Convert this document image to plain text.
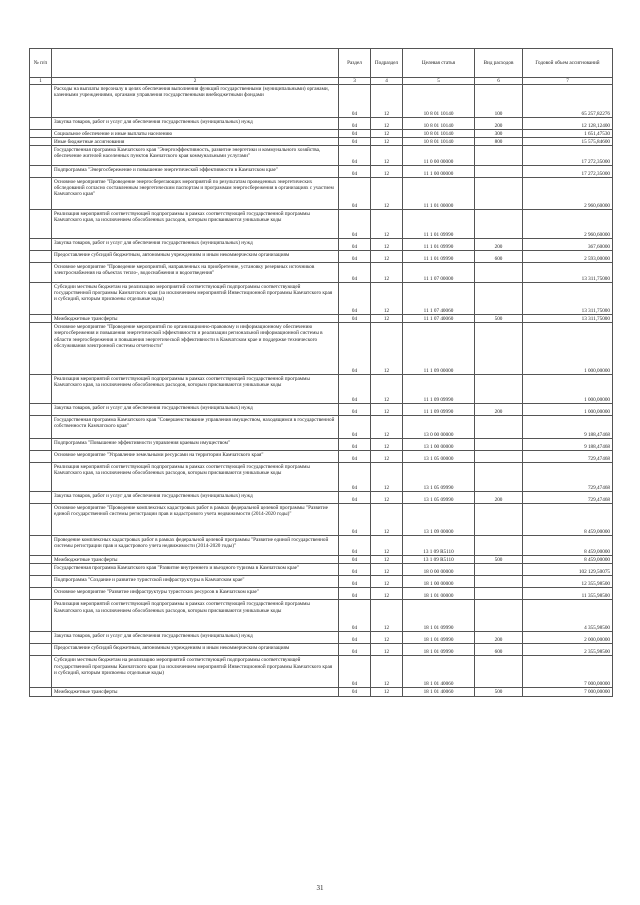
№ п/п		Раздел	Подраздел	Целевая статья	Вид расходов	Годовой объем ассигнований
1	2	3	4	5	6	7
	Расходы на выплаты персоналу в целях обеспечения выполнения функций государственными (муниципальными) органами, казенными учреждениями, органами управления государственными внебюджетными фондами	04	12	10 8 01 10140	100	65 257,82276
	Закупка товаров, работ и услуг для обеспечения государственных (муниципальных) нужд	04	12	10 8 01 10140	200	12 128,12400
	Социальное обеспечение и иные выплаты населению	04	12	10 8 01 10140	300	1 651,47530
	Иные бюджетные ассигнования	04	12	10 8 01 10140	800	15 575,84600
	Государственная программа Камчатского края "Энергоэффективность, развитие энергетики и коммунального хозяйства, обеспечение жителей населенных пунктов Камчатского края коммунальными услугами"	04	12	11 0 00 00000		17 272,35000
	Подпрограмма "Энергосбережение и повышение энергетической эффективности в Камчатском крае"	04	12	11 1 00 00000		17 272,35000
	Основное мероприятие "Проведение энергосберегающих мероприятий по результатам проведенных энергетических обследований согласно составленным энергетическим паспортам и программам энергосбережения в организациях с участием Камчатского края"	04	12	11 1 01 00000		2 960,60000
	Реализация мероприятий соответствующей подпрограммы в рамках соответствующей государственной программы Камчатского края, за исключением обособленных расходов, которым присваиваются уникальные коды	04	12	11 1 01 09990		2 960,60000
	Закупка товаров, работ и услуг для обеспечения государственных (муниципальных) нужд	04	12	11 1 01 09990	200	367,60000
	Предоставление субсидий бюджетным, автономным учреждениям и иным некоммерческим организациям	04	12	11 1 01 09990	600	2 593,00000
	Основное мероприятие "Проведение мероприятий, направленных на приобретение, установку резервных источников электроснабжения на объектах тепло-, водоснабжения и водоотведения"	04	12	11 1 07 00000		13 311,75000
	Субсидии местным бюджетам на реализацию мероприятий соответствующей подпрограммы соответствующей государственной программы Камчатского края (за исключением мероприятий Инвестиционной программы Камчатского края и субсидий, которым присвоены отдельные коды)	04	12	11 1 07 40060		13 311,75000
	Межбюджетные трансферты	04	12	11 1 07 40060	500	13 311,75000
	Основное мероприятие "Проведение мероприятий по организационно-правовому и информационному обеспечению энергосбережения и повышения энергетической эффективности и реализации региональной информационной системы в области энергосбережения и повышения энергетической эффективности в Камчатском крае и поддержке технического обслуживания электронной системы отчетности"	04	12	11 1 09 00000		1 000,00000
	Реализация мероприятий соответствующей подпрограммы в рамках соответствующей государственной программы Камчатского края, за исключением обособленных расходов, которым присваиваются уникальные коды	04	12	11 1 09 09990		1 000,00000
	Закупка товаров, работ и услуг для обеспечения государственных (муниципальных) нужд	04	12	11 1 09 09990	200	1 000,00000
	Государственная программа Камчатского края "Совершенствование управления имуществом, находящимся в государственной собственности Камчатского края"	04	12	13 0 00 00000		9 188,47468
	Подпрограмма "Повышение эффективности управления краевым имуществом"	04	12	13 1 00 00000		9 188,47468
	Основное мероприятие "Управление земельными ресурсами на территории Камчатского края"	04	12	13 1 05 00000		729,47468
	Реализация мероприятий соответствующей подпрограммы в рамках соответствующей государственной программы Камчатского края, за исключением обособленных расходов, которым присваиваются уникальные коды	04	12	13 1 05 09990		729,47468
	Закупка товаров, работ и услуг для обеспечения государственных (муниципальных) нужд	04	12	13 1 05 09990	200	729,47468
	Основное мероприятие "Проведение комплексных кадастровых работ в рамках федеральной целевой программы "Развитие единой государственной системы регистрации прав и кадастрового учета недвижимости (2014-2020 годы)"	04	12	13 1 09 00000		8 459,00000
	Проведение комплексных кадастровых работ в рамках федеральной целевой программы "Развитие единой государственной системы регистрации прав и кадастрового учета недвижимости (2014-2020 годы)"	04	12	13 1 09 R5110		8 459,00000
	Межбюджетные трансферты	04	12	13 1 09 R5110	500	8 459,00000
	Государственная программа Камчатского края "Развитие внутреннего и въездного туризма в Камчатском крае"	04	12	18 0 00 00000		102 129,50075
	Подпрограмма "Создание и развитие туристской инфраструктуры в Камчатском крае"	04	12	18 1 00 00000		12 355,98500
	Основное мероприятие "Развитие инфраструктуры туристских ресурсов в Камчатском крае"	04	12	18 1 01 00000		11 355,98500
	Реализация мероприятий соответствующей подпрограммы в рамках соответствующей государственной программы Камчатского края, за исключением обособленных расходов, которым присваиваются уникальные коды	04	12	18 1 01 09990		4 355,98500
	Закупка товаров, работ и услуг для обеспечения государственных (муниципальных) нужд	04	12	18 1 01 09990	200	2 000,00000
	Предоставление субсидий бюджетным, автономным учреждениям и иным некоммерческим организациям	04	12	18 1 01 09990	600	2 355,98500
	Субсидии местным бюджетам на реализацию мероприятий соответствующей подпрограммы соответствующей государственной программы Камчатского края (за исключением мероприятий Инвестиционной программы Камчатского края и субсидий, которым присвоены отдельные коды)	04	12	18 1 01 40060		7 000,00000
	Межбюджетные трансферты	04	12	18 1 01 40060	500	7 000,00000
31
